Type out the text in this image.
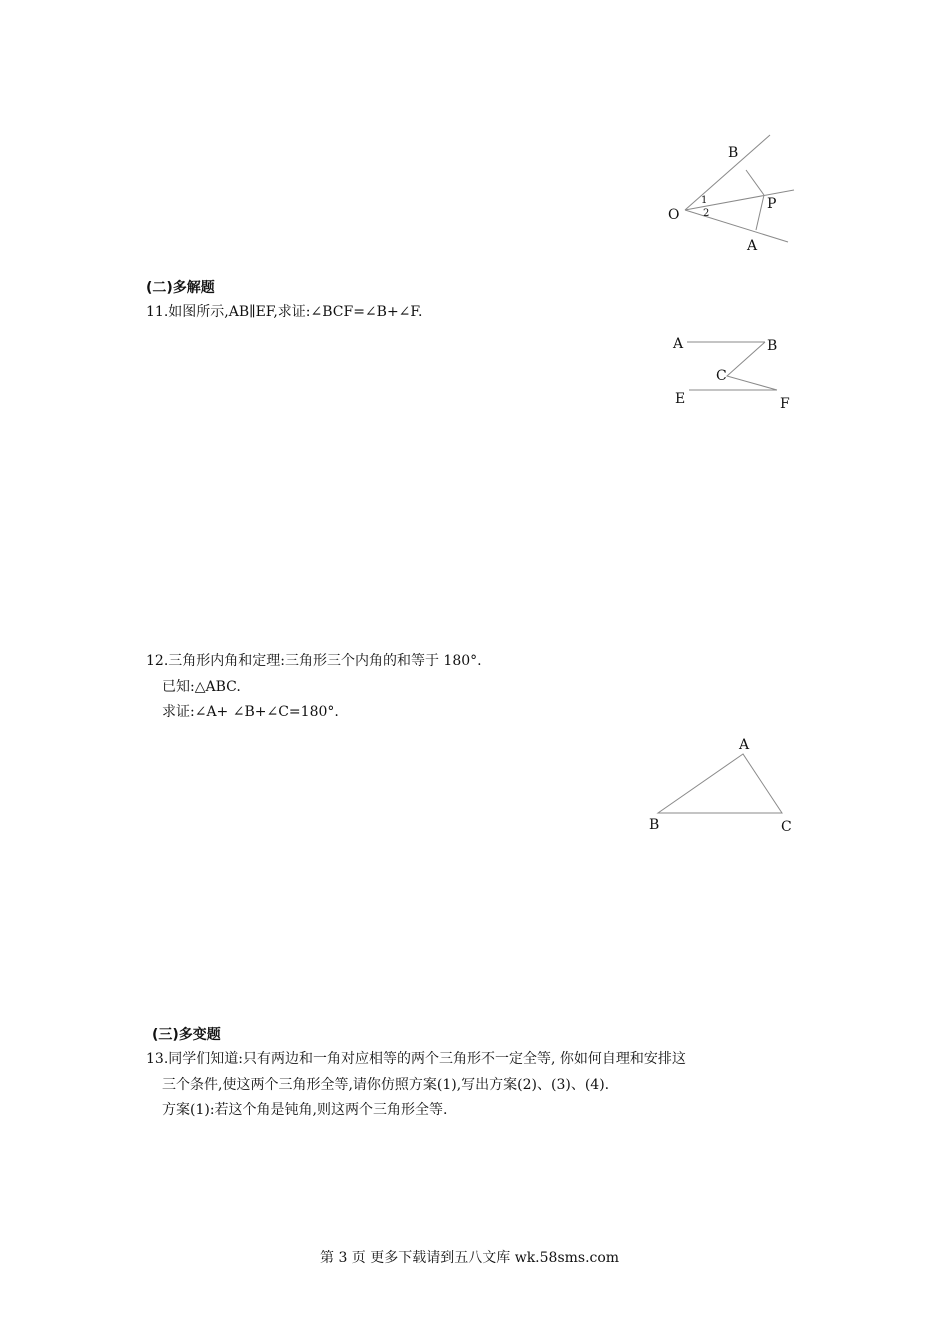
B
O
P
A
1
2
(二)多解题
11.如图所示,AB∥EF,求证:∠BCF=∠B+∠F.
A	B
C
E	F
12.三角形内角和定理:三角形三个内角的和等于 180°.
已知:△ABC.
求证:∠A+ ∠B+∠C=180°.
A
B	C
(三)多变题
13.同学们知道:只有两边和一角对应相等的两个三角形不一定全等, 你如何自理和安排这
三个条件,使这两个三角形全等,请你仿照方案(1),写出方案(2)、(3)、(4).
方案(1):若这个角是钝角,则这两个三角形全等.
第 3 页 更多下载请到五八文库 wk.58sms.com
